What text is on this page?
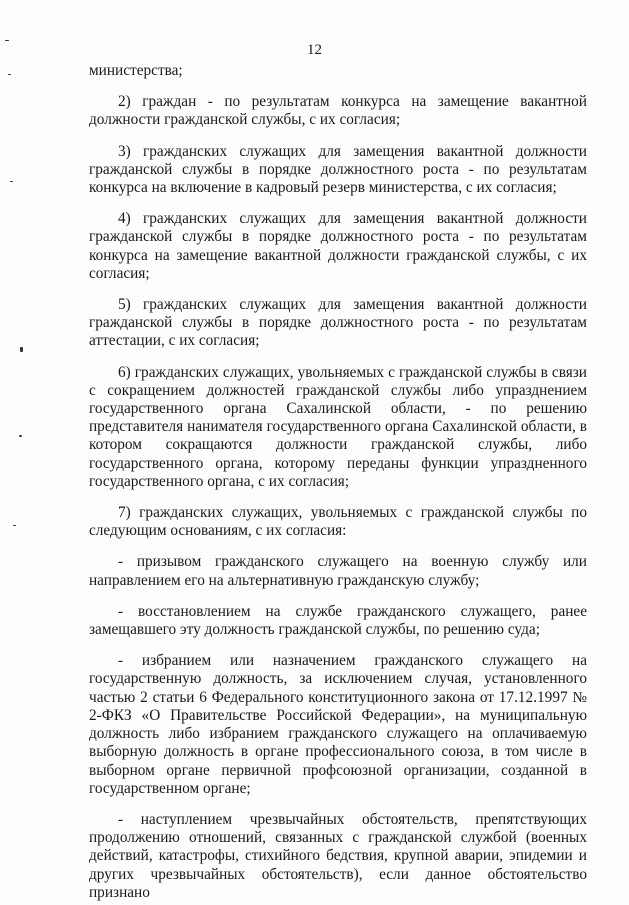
12

министерства;

2) граждан - по результатам конкурса на замещение вакантной должности гражданской службы, с их согласия;

3) гражданских служащих для замещения вакантной должности гражданской службы в порядке должностного роста - по результатам конкурса на включение в кадровый резерв министерства, с их согласия;

4) гражданских служащих для замещения вакантной должности гражданской службы в порядке должностного роста - по результатам конкурса на замещение вакантной должности гражданской службы, с их согласия;

5) гражданских служащих для замещения вакантной должности гражданской службы в порядке должностного роста - по результатам аттестации, с их согласия;

6) гражданских служащих, увольняемых с гражданской службы в связи с сокращением должностей гражданской службы либо упразднением государственного органа Сахалинской области, - по решению представителя нанимателя государственного органа Сахалинской области, в котором сокращаются должности гражданской службы, либо государственного органа, которому переданы функции упраздненного государственного органа, с их согласия;

7) гражданских служащих, увольняемых с гражданской службы по следующим основаниям, с их согласия:

- призывом гражданского служащего на военную службу или направлением его на альтернативную гражданскую службу;

- восстановлением на службе гражданского служащего, ранее замещавшего эту должность гражданской службы, по решению суда;

- избранием или назначением гражданского служащего на государственную должность, за исключением случая, установленного частью 2 статьи 6 Федерального конституционного закона от 17.12.1997 № 2-ФКЗ «О Правительстве Российской Федерации», на муниципальную должность либо избранием гражданского служащего на оплачиваемую выборную должность в органе профессионального союза, в том числе в выборном органе первичной профсоюзной организации, созданной в государственном органе;

- наступлением чрезвычайных обстоятельств, препятствующих продолжению отношений, связанных с гражданской службой (военных действий, катастрофы, стихийного бедствия, крупной аварии, эпидемии и других чрезвычайных обстоятельств), если данное обстоятельство признано
